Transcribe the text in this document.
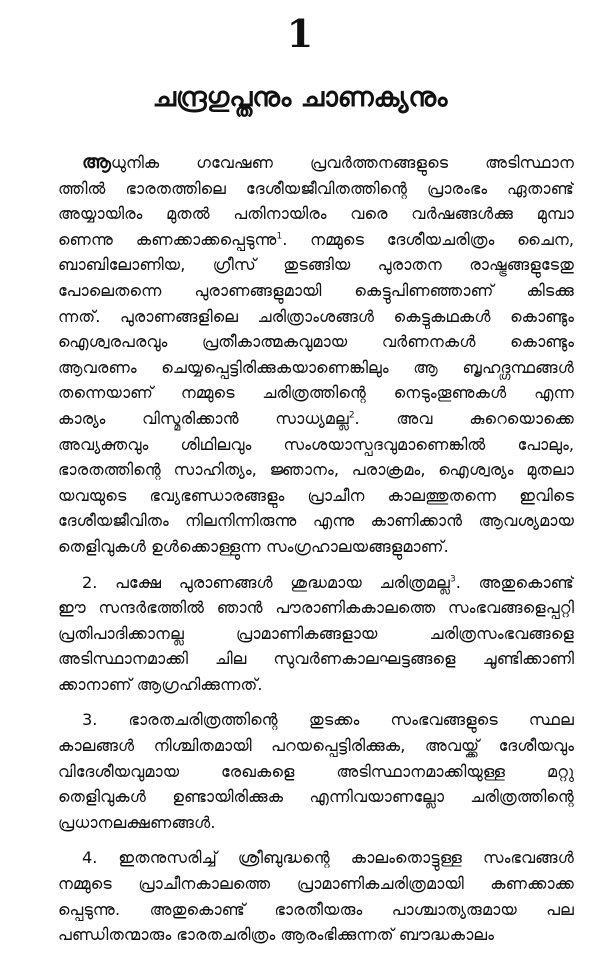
1
ചന്ദ്രഗുപ്തനും ചാണക്യനും
ആധുനിക ഗവേഷണ പ്രവർത്തനങ്ങളുടെ അടിസ്ഥാന
ത്തിൽ ഭാരതത്തിലെ ദേശീയജീവിതത്തിന്റെ പ്രാരംഭം ഏതാണ്ട്
അയ്യായിരം മുതൽ പതിനായിരം വരെ വർഷങ്ങൾക്കു മുമ്പാ
ണെന്നു കണക്കാക്കപ്പെടുന്നു$^1$. നമ്മുടെ ദേശീയചരിത്രം ചൈന,
ബാബിലോണിയ, ഗ്രീസ് തുടങ്ങിയ പുരാതന രാഷ്ട്രങ്ങളുടേതു
പോലെതന്നെ പുരാണങ്ങളുമായി കെട്ടുപിണഞ്ഞാണ് കിടക്കു
ന്നത്. പുരാണങ്ങളിലെ ചരിത്രാംശങ്ങൾ കെട്ടുകഥകൾ കൊണ്ടും
ഐശ്വരപരവും പ്രതീകാത്മകവുമായ വർണനകൾ കൊണ്ടും
ആവരണം ചെയ്യപ്പെട്ടിരിക്കുകയാണെങ്കിലും ആ ബൃഹദ്ഗ്രന്ഥങ്ങൾ
തന്നെയാണ് നമ്മുടെ ചരിത്രത്തിന്റെ നെടുംതൂണുകൾ എന്ന
കാര്യം വിസ്മരിക്കാൻ സാധ്യമല്ല$^2$. അവ കുറെയൊക്കെ
അവ്യക്തവും ശിഥിലവും സംശയാസ്പദവുമാണെങ്കിൽ പോലും,
ഭാരതത്തിന്റെ സാഹിത്യം, ജ്ഞാനം, പരാക്രമം, ഐശ്വര്യം മുതലാ
യവയുടെ ഭവ്യഭണ്ഡാരങ്ങളും പ്രാചീന കാലത്തുതന്നെ ഇവിടെ
ദേശീയജീവിതം നിലനിന്നിരുന്നു എന്നു കാണിക്കാൻ ആവശ്യമായ
തെളിവുകൾ ഉൾക്കൊള്ളുന്ന സംഗ്രഹാലയങ്ങളുമാണ്.
2. പക്ഷേ പുരാണങ്ങൾ ശുദ്ധമായ ചരിത്രമല്ല$^3$. അതുകൊണ്ട്
ഈ സന്ദർഭത്തിൽ ഞാൻ പൗരാണികകാലത്തെ സംഭവങ്ങളെപ്പറ്റി
പ്രതിപാദിക്കാനല്ല പ്രാമാണികങ്ങളായ ചരിത്രസംഭവങ്ങളെ
അടിസ്ഥാനമാക്കി ചില സുവർണകാലഘട്ടങ്ങളെ ചൂണ്ടിക്കാണി
ക്കാനാണ് ആഗ്രഹിക്കുന്നത്.
3. ഭാരതചരിത്രത്തിന്റെ തുടക്കം സംഭവങ്ങളുടെ സ്ഥല
കാലങ്ങൾ നിശ്ചിതമായി പറയപ്പെട്ടിരിക്കുക, അവയ്ക്ക് ദേശീയവും
വിദേശീയവുമായ രേഖകളെ അടിസ്ഥാനമാക്കിയുള്ള മറ്റു
തെളിവുകൾ ഉണ്ടായിരിക്കുക എന്നിവയാണല്ലോ ചരിത്രത്തിന്റെ
പ്രധാനലക്ഷണങ്ങൾ.
4. ഇതനുസരിച്ച് ശ്രീബുദ്ധന്റെ കാലംതൊട്ടുള്ള സംഭവങ്ങൾ
നമ്മുടെ പ്രാചീനകാലത്തെ പ്രാമാണികചരിത്രമായി കണക്കാക്ക
പ്പെടുന്നു. അതുകൊണ്ട് ഭാരതീയരും പാശ്ചാത്യരുമായ പല
പണ്ഡിതന്മാരും ഭാരതചരിത്രം ആരംഭിക്കുന്നത് ബൗദ്ധകാലം
